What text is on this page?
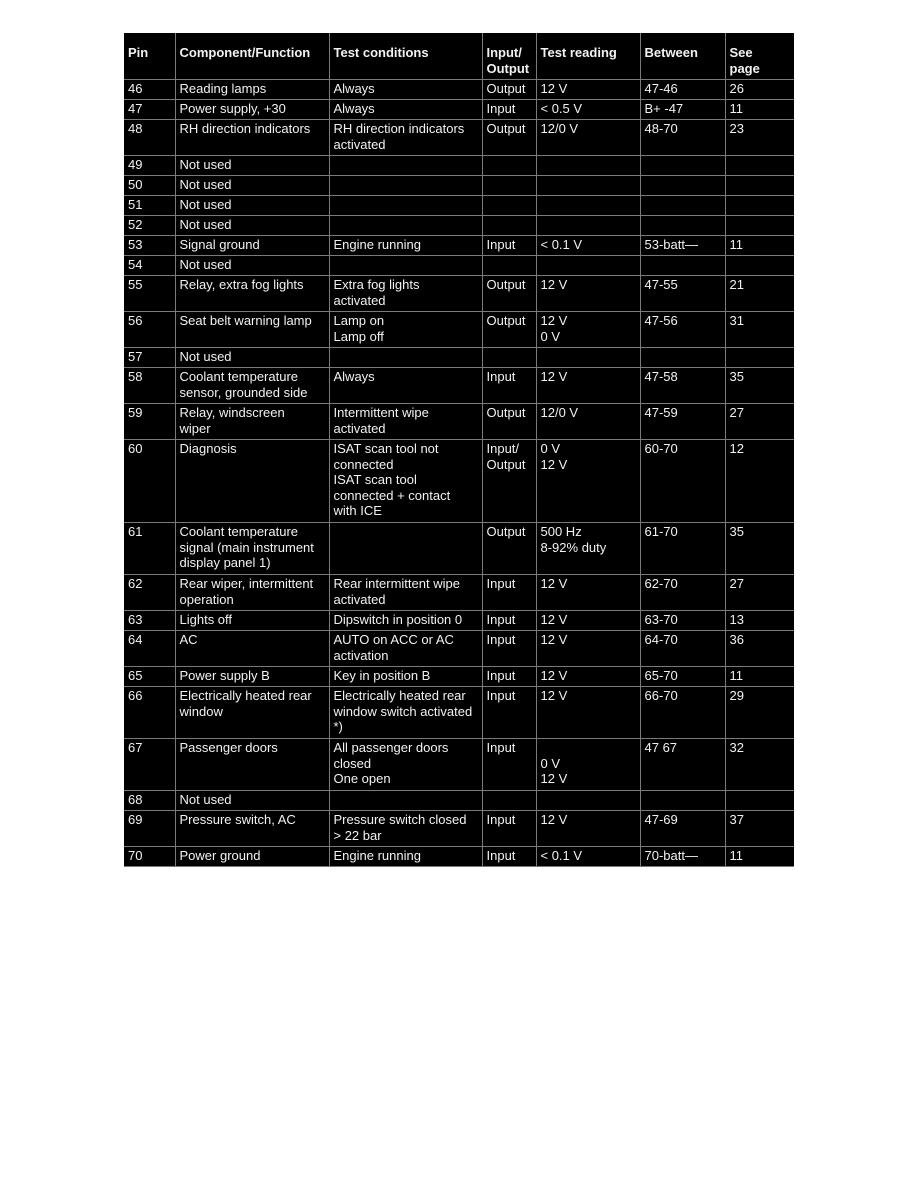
Pin	Component/Function	Test conditions	Input/
Output	Test reading	Between	See
page
46	Reading lamps	Always	Output	12 V	47-46	26
47	Power supply, +30	Always	Input	< 0.5 V	B+ -47	11
48	RH direction indicators	RH direction indicators
activated	Output	12/0 V	48-70	23
49	Not used					
50	Not used					
51	Not used					
52	Not used					
53	Signal ground	Engine running	Input	< 0.1 V	53-batt—	11
54	Not used					
55	Relay, extra fog lights	Extra fog lights
activated	Output	12 V	47-55	21
56	Seat belt warning lamp	Lamp on
Lamp off	Output	12 V
0 V	47-56	31
57	Not used					
58	Coolant temperature
sensor, grounded side	Always	Input	12 V	47-58	35
59	Relay, windscreen
wiper	Intermittent wipe
activated	Output	12/0 V	47-59	27
60	Diagnosis	ISAT scan tool not
connected
ISAT scan tool
connected + contact
with ICE	Input/
Output	0 V
12 V	60-70	12
61	Coolant temperature
signal (main instrument
display panel 1)		Output	500 Hz
8-92% duty	61-70	35
62	Rear wiper, intermittent
operation	Rear intermittent wipe
activated	Input	12 V	62-70	27
63	Lights off	Dipswitch in position 0	Input	12 V	63-70	13
64	AC	AUTO on ACC or AC
activation	Input	12 V	64-70	36
65	Power supply B	Key in position B	Input	12 V	65-70	11
66	Electrically heated rear
window	Electrically heated rear
window switch activated
*)	Input	12 V	66-70	29
67	Passenger doors	All passenger doors
closed
One open	Input	0 V
12 V	47 67	32
68	Not used					
69	Pressure switch, AC	Pressure switch closed
> 22 bar	Input	12 V	47-69	37
70	Power ground	Engine running	Input	< 0.1 V	70-batt—	11
